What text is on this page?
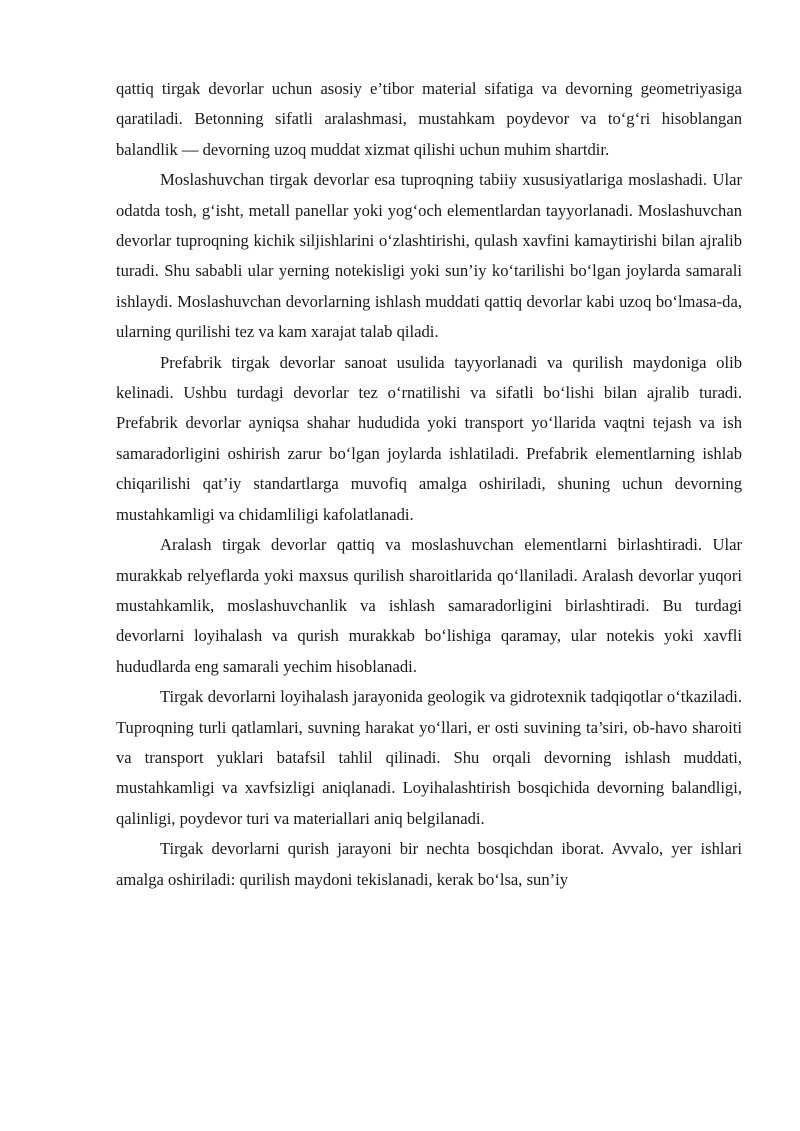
qattiq tirgak devorlar uchun asosiy e’tibor material sifatiga va devorning geometriyasiga qaratiladi. Betonning sifatli aralashmasi, mustahkam poydevor va to‘g‘ri hisoblangan balandlik — devorning uzoq muddat xizmat qilishi uchun muhim shartdir.

Moslashuvchan tirgak devorlar esa tuproqning tabiiy xususiyatlariga moslashadi. Ular odatda tosh, g‘isht, metall panellar yoki yog‘och elementlardan tayyorlanadi. Moslashuvchan devorlar tuproqning kichik siljishlarini o‘zlashtirishi, qulash xavfini kamaytirishi bilan ajralib turadi. Shu sababli ular yerning notekisligi yoki sun’iy ko‘tarilishi bo‘lgan joylarda samarali ishlaydi. Moslashuvchan devorlarning ishlash muddati qattiq devorlar kabi uzoq bo‘lmasa-da, ularning qurilishi tez va kam xarajat talab qiladi.

Prefabrik tirgak devorlar sanoat usulida tayyorlanadi va qurilish maydoniga olib kelinadi. Ushbu turdagi devorlar tez o‘rnatilishi va sifatli bo‘lishi bilan ajralib turadi. Prefabrik devorlar ayniqsa shahar hududida yoki transport yo‘llarida vaqtni tejash va ish samaradorligini oshirish zarur bo‘lgan joylarda ishlatiladi. Prefabrik elementlarning ishlab chiqarilishi qat’iy standartlarga muvofiq amalga oshiriladi, shuning uchun devorning mustahkamligi va chidamliligi kafolatlanadi.

Aralash tirgak devorlar qattiq va moslashuvchan elementlarni birlashtiradi. Ular murakkab relyeflarda yoki maxsus qurilish sharoitlarida qo‘llaniladi. Aralash devorlar yuqori mustahkamlik, moslashuvchanlik va ishlash samaradorligini birlashtiradi. Bu turdagi devorlarni loyihalash va qurish murakkab bo‘lishiga qaramay, ular notekis yoki xavfli hududlarda eng samarali yechim hisoblanadi.

Tirgak devorlarni loyihalash jarayonida geologik va gidrotexnik tadqiqotlar o‘tkaziladi. Tuproqning turli qatlamlari, suvning harakat yo‘llari, er osti suvining ta’siri, ob-havo sharoiti va transport yuklari batafsil tahlil qilinadi. Shu orqali devorning ishlash muddati, mustahkamligi va xavfsizligi aniqlanadi. Loyihalashtirish bosqichida devorning balandligi, qalinligi, poydevor turi va materiallari aniq belgilanadi.

Tirgak devorlarni qurish jarayoni bir nechta bosqichdan iborat. Avvalo, yer ishlari amalga oshiriladi: qurilish maydoni tekislanadi, kerak bo‘lsa, sun’iy
